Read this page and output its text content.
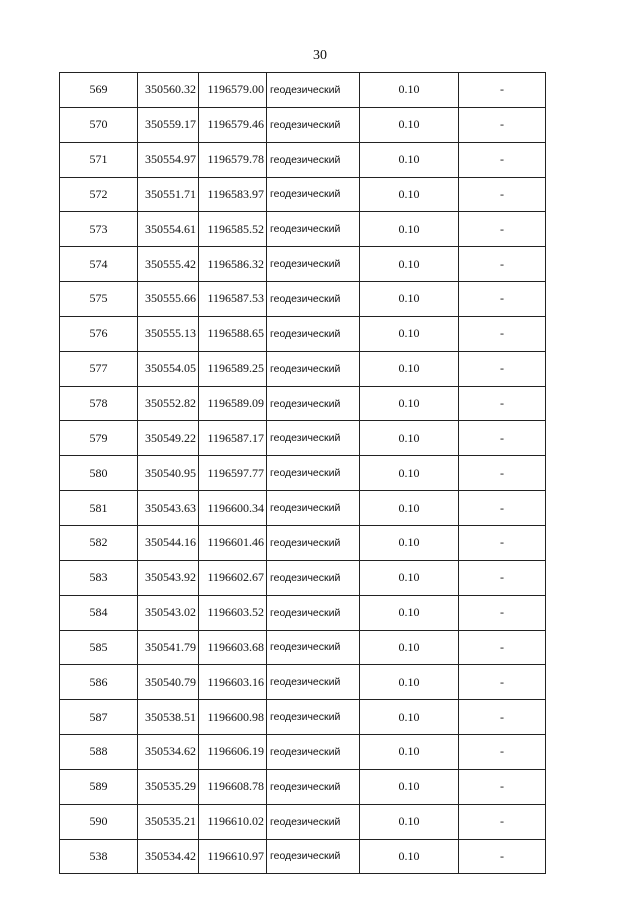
30
569	350560.32	1196579.00	геодезический	0.10	-
570	350559.17	1196579.46	геодезический	0.10	-
571	350554.97	1196579.78	геодезический	0.10	-
572	350551.71	1196583.97	геодезический	0.10	-
573	350554.61	1196585.52	геодезический	0.10	-
574	350555.42	1196586.32	геодезический	0.10	-
575	350555.66	1196587.53	геодезический	0.10	-
576	350555.13	1196588.65	геодезический	0.10	-
577	350554.05	1196589.25	геодезический	0.10	-
578	350552.82	1196589.09	геодезический	0.10	-
579	350549.22	1196587.17	геодезический	0.10	-
580	350540.95	1196597.77	геодезический	0.10	-
581	350543.63	1196600.34	геодезический	0.10	-
582	350544.16	1196601.46	геодезический	0.10	-
583	350543.92	1196602.67	геодезический	0.10	-
584	350543.02	1196603.52	геодезический	0.10	-
585	350541.79	1196603.68	геодезический	0.10	-
586	350540.79	1196603.16	геодезический	0.10	-
587	350538.51	1196600.98	геодезический	0.10	-
588	350534.62	1196606.19	геодезический	0.10	-
589	350535.29	1196608.78	геодезический	0.10	-
590	350535.21	1196610.02	геодезический	0.10	-
538	350534.42	1196610.97	геодезический	0.10	-
